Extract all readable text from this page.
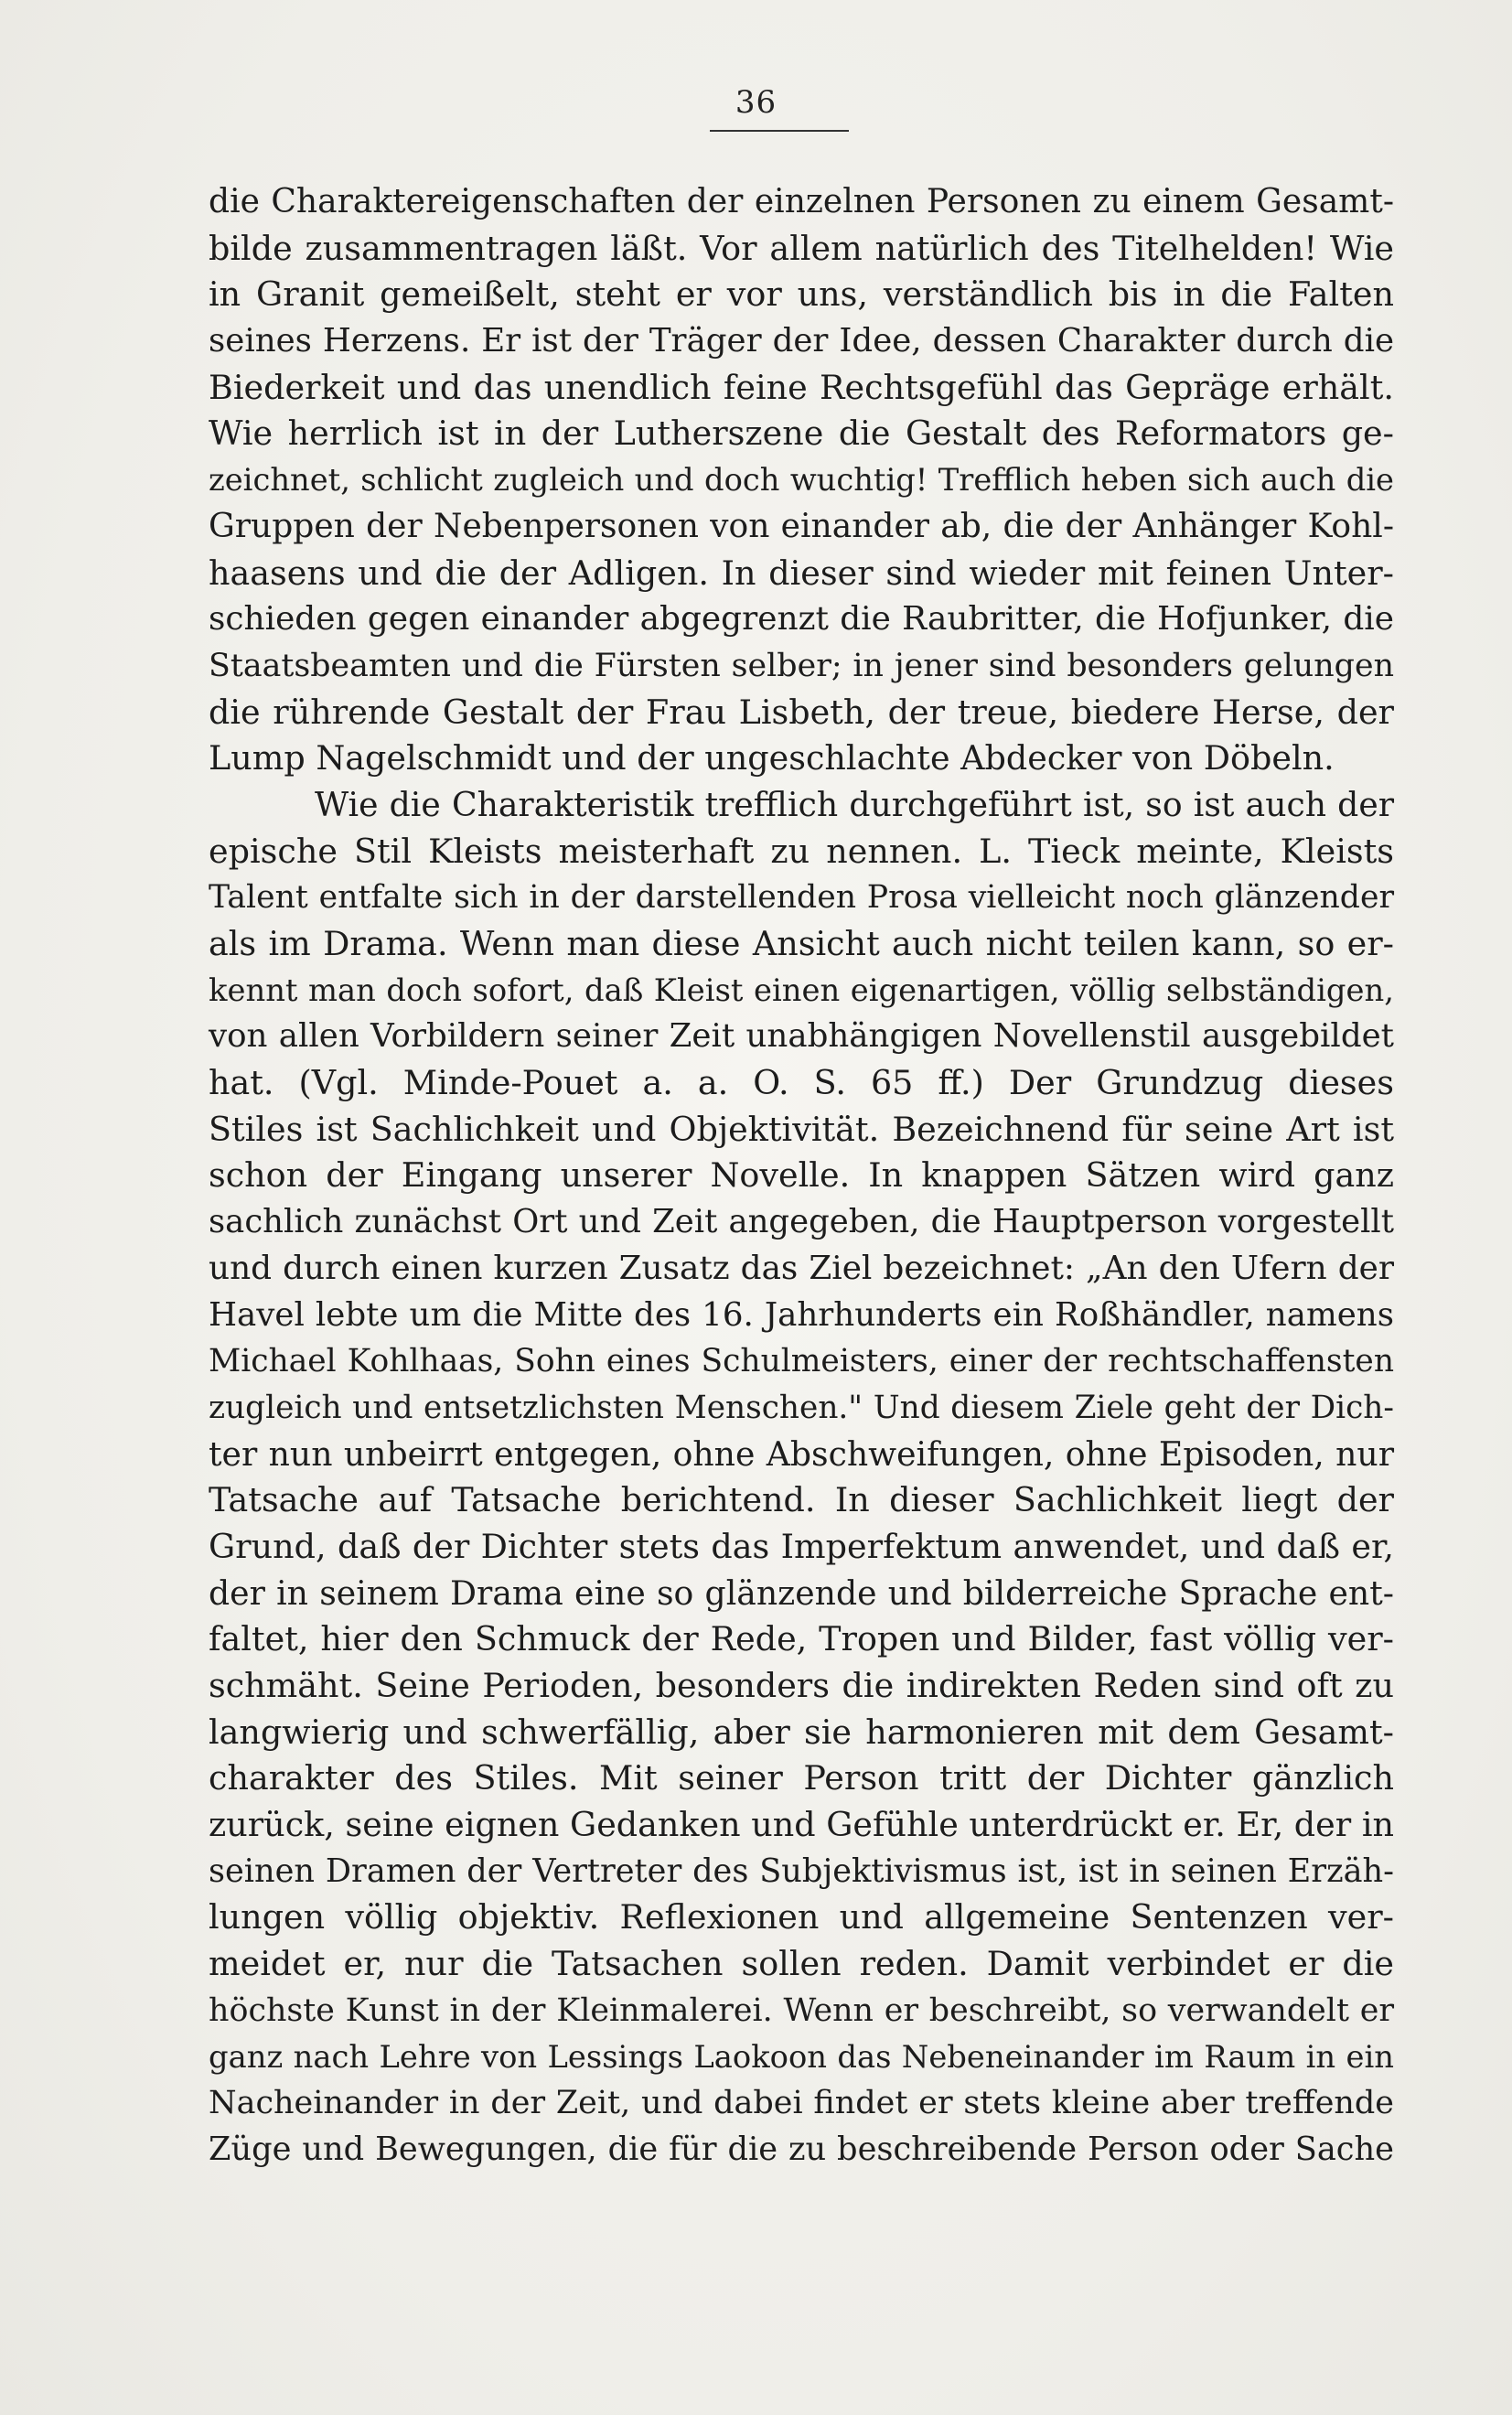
36
die Charaktereigenschaften der einzelnen Personen zu einem Gesamt-
bilde zusammentragen läßt. Vor allem natürlich des Titelhelden! Wie
in Granit gemeißelt, steht er vor uns, verständlich bis in die Falten
seines Herzens. Er ist der Träger der Idee, dessen Charakter durch die
Biederkeit und das unendlich feine Rechtsgefühl das Gepräge erhält.
Wie herrlich ist in der Lutherszene die Gestalt des Reformators ge-
zeichnet, schlicht zugleich und doch wuchtig! Trefflich heben sich auch die
Gruppen der Nebenpersonen von einander ab, die der Anhänger Kohl-
haasens und die der Adligen. In dieser sind wieder mit feinen Unter-
schieden gegen einander abgegrenzt die Raubritter, die Hofjunker, die
Staatsbeamten und die Fürsten selber; in jener sind besonders gelungen
die rührende Gestalt der Frau Lisbeth, der treue, biedere Herse, der
Lump Nagelschmidt und der ungeschlachte Abdecker von Döbeln.
Wie die Charakteristik trefflich durchgeführt ist, so ist auch der
epische Stil Kleists meisterhaft zu nennen. L. Tieck meinte, Kleists
Talent entfalte sich in der darstellenden Prosa vielleicht noch glänzender
als im Drama. Wenn man diese Ansicht auch nicht teilen kann, so er-
kennt man doch sofort, daß Kleist einen eigenartigen, völlig selbständigen,
von allen Vorbildern seiner Zeit unabhängigen Novellenstil ausgebildet
hat. (Vgl. Minde-Pouet a. a. O. S. 65 ff.) Der Grundzug dieses
Stiles ist Sachlichkeit und Objektivität. Bezeichnend für seine Art ist
schon der Eingang unserer Novelle. In knappen Sätzen wird ganz
sachlich zunächst Ort und Zeit angegeben, die Hauptperson vorgestellt
und durch einen kurzen Zusatz das Ziel bezeichnet: „An den Ufern der
Havel lebte um die Mitte des 16. Jahrhunderts ein Roßhändler, namens
Michael Kohlhaas, Sohn eines Schulmeisters, einer der rechtschaffensten
zugleich und entsetzlichsten Menschen." Und diesem Ziele geht der Dich-
ter nun unbeirrt entgegen, ohne Abschweifungen, ohne Episoden, nur
Tatsache auf Tatsache berichtend. In dieser Sachlichkeit liegt der
Grund, daß der Dichter stets das Imperfektum anwendet, und daß er,
der in seinem Drama eine so glänzende und bilderreiche Sprache ent-
faltet, hier den Schmuck der Rede, Tropen und Bilder, fast völlig ver-
schmäht. Seine Perioden, besonders die indirekten Reden sind oft zu
langwierig und schwerfällig, aber sie harmonieren mit dem Gesamt-
charakter des Stiles. Mit seiner Person tritt der Dichter gänzlich
zurück, seine eignen Gedanken und Gefühle unterdrückt er. Er, der in
seinen Dramen der Vertreter des Subjektivismus ist, ist in seinen Erzäh-
lungen völlig objektiv. Reflexionen und allgemeine Sentenzen ver-
meidet er, nur die Tatsachen sollen reden. Damit verbindet er die
höchste Kunst in der Kleinmalerei. Wenn er beschreibt, so verwandelt er
ganz nach Lehre von Lessings Laokoon das Nebeneinander im Raum in ein
Nacheinander in der Zeit, und dabei findet er stets kleine aber treffende
Züge und Bewegungen, die für die zu beschreibende Person oder Sache
